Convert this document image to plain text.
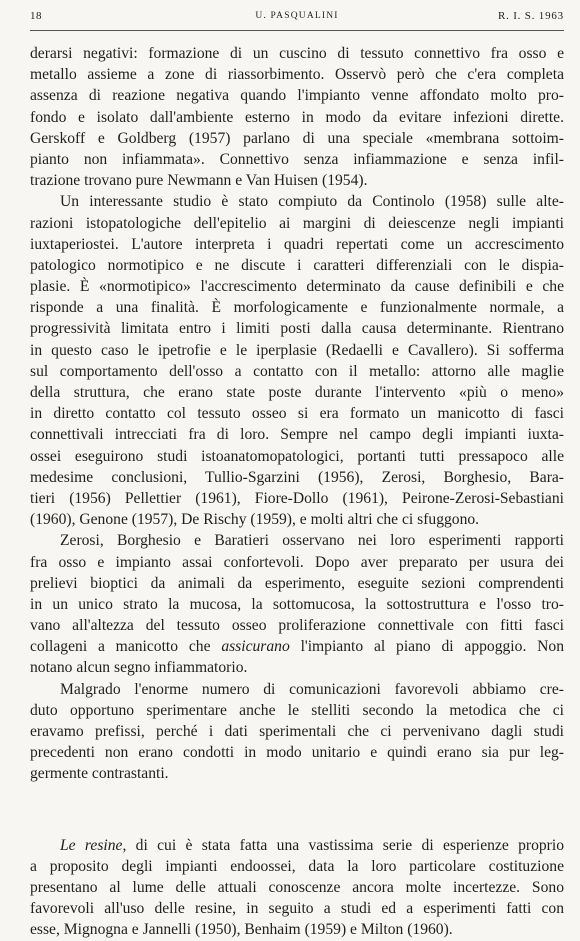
18	U. PASQUALINI	R. I. S. 1963
derarsi negativi: formazione di un cuscino di tessuto connettivo fra osso e
metallo assieme a zone di riassorbimento. Osservò però che c'era completa
assenza di reazione negativa quando l'impianto venne affondato molto pro-
fondo e isolato dall'ambiente esterno in modo da evitare infezioni dirette.
Gerskoff e Goldberg (1957) parlano di una speciale «membrana sottoim-
pianto non infiammata». Connettivo senza infiammazione e senza infil-
trazione trovano pure Newmann e Van Huisen (1954).
Un interessante studio è stato compiuto da Continolo (1958) sulle alte-
razioni istopatologiche dell'epitelio ai margini di deiescenze negli impianti
iuxtaperiostei. L'autore interpreta i quadri repertati come un accrescimento
patologico normotipico e ne discute i caratteri differenziali con le dispia-
plasie. È «normotipico» l'accrescimento determinato da cause definibili e che
risponde a una finalità. È morfologicamente e funzionalmente normale, a
progressività limitata entro i limiti posti dalla causa determinante. Rientrano
in questo caso le ipetrofie e le iperplasie (Redaelli e Cavallero). Si sofferma
sul comportamento dell'osso a contatto con il metallo: attorno alle maglie
della struttura, che erano state poste durante l'intervento «più o meno»
in diretto contatto col tessuto osseo si era formato un manicotto di fasci
connettivali intrecciati fra di loro. Sempre nel campo degli impianti iuxta-
ossei eseguirono studi istoanatomopatologici, portanti tutti pressapoco alle
medesime conclusioni, Tullio-Sgarzini (1956), Zerosi, Borghesio, Bara-
tieri (1956) Pellettier (1961), Fiore-Dollo (1961), Peirone-Zerosi-Sebastiani
(1960), Genone (1957), De Rischy (1959), e molti altri che ci sfuggono.
Zerosi, Borghesio e Baratieri osservano nei loro esperimenti rapporti
fra osso e impianto assai confortevoli. Dopo aver preparato per usura dei
prelievi bioptici da animali da esperimento, eseguite sezioni comprendenti
in un unico strato la mucosa, la sottomucosa, la sottostruttura e l'osso tro-
vano all'altezza del tessuto osseo proliferazione connettivale con fitti fasci
collageni a manicotto che assicurano l'impianto al piano di appoggio. Non
notano alcun segno infiammatorio.
Malgrado l'enorme numero di comunicazioni favorevoli abbiamo cre-
duto opportuno sperimentare anche le stelliti secondo la metodica che ci
eravamo prefissi, perché i dati sperimentali che ci pervenivano dagli studi
precedenti non erano condotti in modo unitario e quindi erano sia pur leg-
germente contrastanti.
Le resine, di cui è stata fatta una vastissima serie di esperienze proprio
a proposito degli impianti endoossei, data la loro particolare costituzione
presentano al lume delle attuali conoscenze ancora molte incertezze. Sono
favorevoli all'uso delle resine, in seguito a studi ed a esperimenti fatti con
esse, Mignogna e Jannelli (1950), Benhaim (1959) e Milton (1960).
